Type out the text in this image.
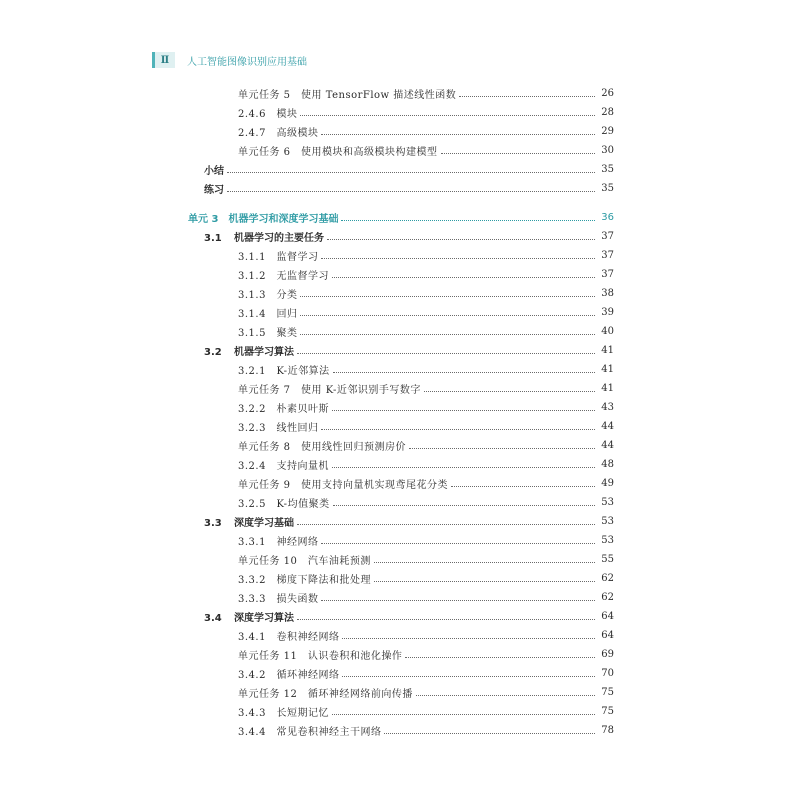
Ⅱ	人工智能图像识别应用基础
单元任务 5　使用 TensorFlow 描述线性函数	26
2.4.6　模块	28
2.4.7　高级模块	29
单元任务 6　使用模块和高级模块构建模型	30
小结	35
练习	35
单元 3　机器学习和深度学习基础	36
3.1 机器学习的主要任务	37
3.1.1　监督学习	37
3.1.2　无监督学习	37
3.1.3　分类	38
3.1.4　回归	39
3.1.5　聚类	40
3.2 机器学习算法	41
3.2.1　K-近邻算法	41
单元任务 7　使用 K-近邻识别手写数字	41
3.2.2　朴素贝叶斯	43
3.2.3　线性回归	44
单元任务 8　使用线性回归预测房价	44
3.2.4　支持向量机	48
单元任务 9　使用支持向量机实现鸢尾花分类	49
3.2.5　K-均值聚类	53
3.3 深度学习基础	53
3.3.1　神经网络	53
单元任务 10　汽车油耗预测	55
3.3.2　梯度下降法和批处理	62
3.3.3　损失函数	62
3.4 深度学习算法	64
3.4.1　卷积神经网络	64
单元任务 11　认识卷积和池化操作	69
3.4.2　循环神经网络	70
单元任务 12　循环神经网络前向传播	75
3.4.3　长短期记忆	75
3.4.4　常见卷积神经主干网络	78
